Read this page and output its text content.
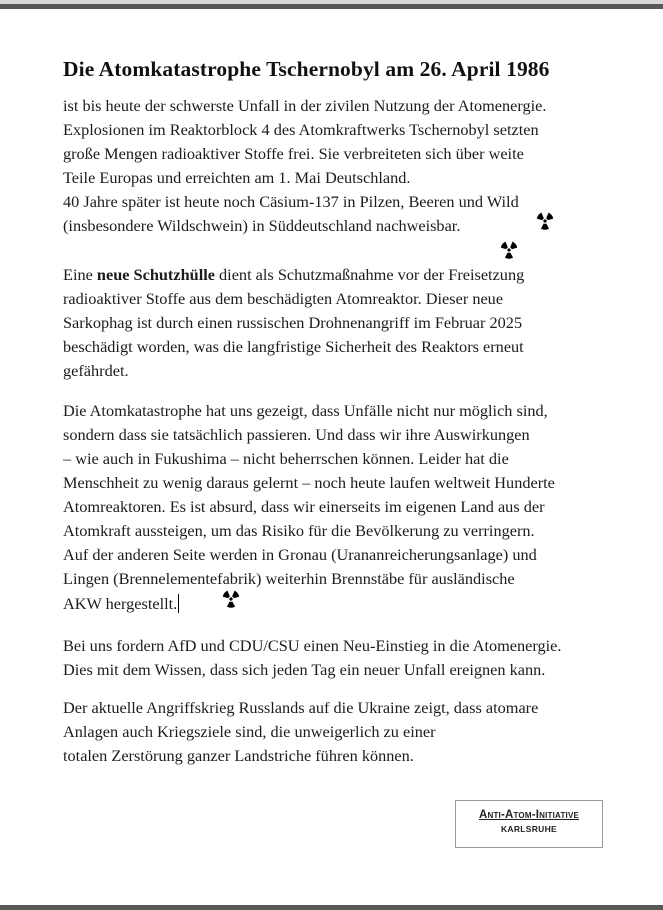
Die Atomkatastrophe Tschernobyl am 26. April 1986
ist bis heute der schwerste Unfall in der zivilen Nutzung der Atomenergie.
Explosionen im Reaktorblock 4 des Atomkraftwerks Tschernobyl setzten
große Mengen radioaktiver Stoffe frei. Sie verbreiteten sich über weite
Teile Europas und erreichten am 1. Mai Deutschland.
40 Jahre später ist heute noch Cäsium-137 in Pilzen, Beeren und Wild
(insbesondere Wildschwein) in Süddeutschland nachweisbar.
Eine neue Schutzhülle dient als Schutzmaßnahme vor der Freisetzung
radioaktiver Stoffe aus dem beschädigten Atomreaktor. Dieser neue
Sarkophag ist durch einen russischen Drohnenangriff im Februar 2025
beschädigt worden, was die langfristige Sicherheit des Reaktors erneut
gefährdet.
Die Atomkatastrophe hat uns gezeigt, dass Unfälle nicht nur möglich sind,
sondern dass sie tatsächlich passieren. Und dass wir ihre Auswirkungen
– wie auch in Fukushima – nicht beherrschen können. Leider hat die
Menschheit zu wenig daraus gelernt – noch heute laufen weltweit Hunderte
Atomreaktoren. Es ist absurd, dass wir einerseits im eigenen Land aus der
Atomkraft aussteigen, um das Risiko für die Bevölkerung zu verringern.
Auf der anderen Seite werden in Gronau (Urananreicherungsanlage) und
Lingen (Brennelementefabrik) weiterhin Brennstäbe für ausländische
AKW hergestellt.
Bei uns fordern AfD und CDU/CSU einen Neu-Einstieg in die Atomenergie.
Dies mit dem Wissen, dass sich jeden Tag ein neuer Unfall ereignen kann.
Der aktuelle Angriffskrieg Russlands auf die Ukraine zeigt, dass atomare
Anlagen auch Kriegsziele sind, die unweigerlich zu einer
totalen Zerstörung ganzer Landstriche führen können.
Anti-Atom-Initiative
KARLSRUHE
